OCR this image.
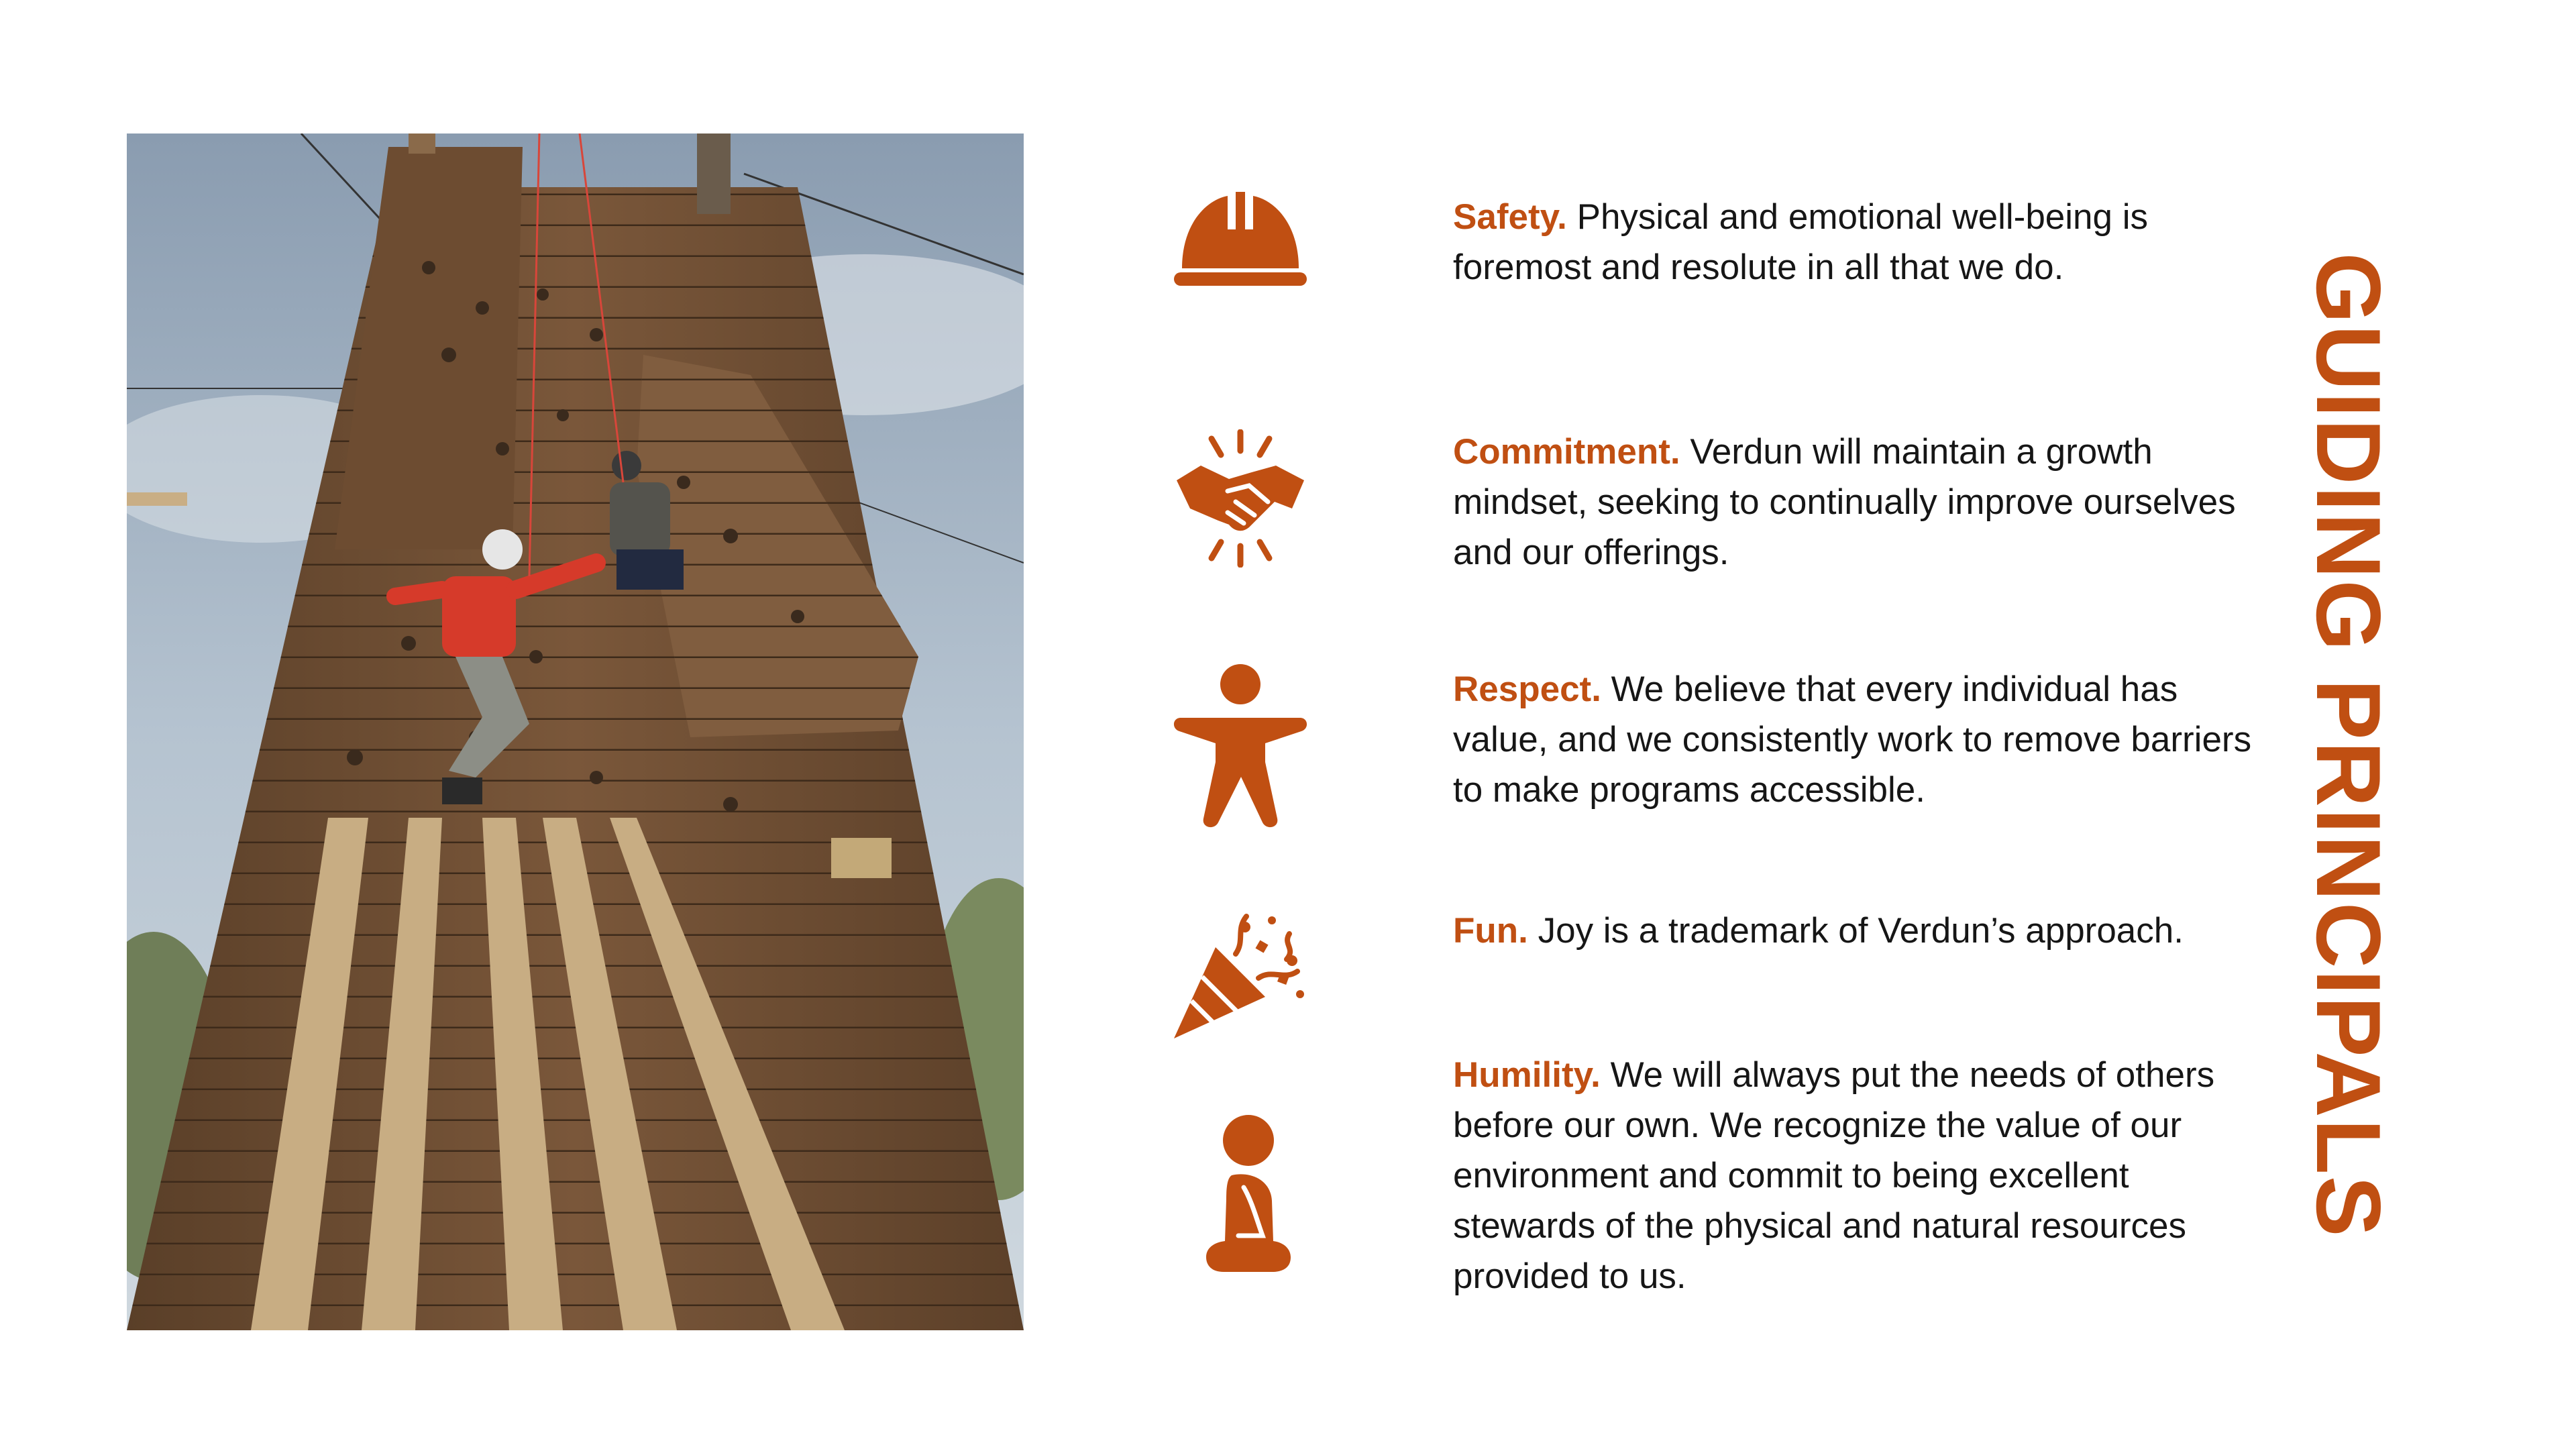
Safety. Physical and emotional well-being is foremost and resolute in all that we do.

Commitment. Verdun will maintain a growth mindset, seeking to continually improve ourselves and our offerings.

Respect. We believe that every individual has value, and we consistently work to remove barriers to make programs accessible.

Fun. Joy is a trademark of Verdun’s approach.

Humility. We will always put the needs of others before our own. We recognize the value of our environment and commit to being excellent stewards of the physical and natural resources provided to us.

GUIDING PRINCIPALS
